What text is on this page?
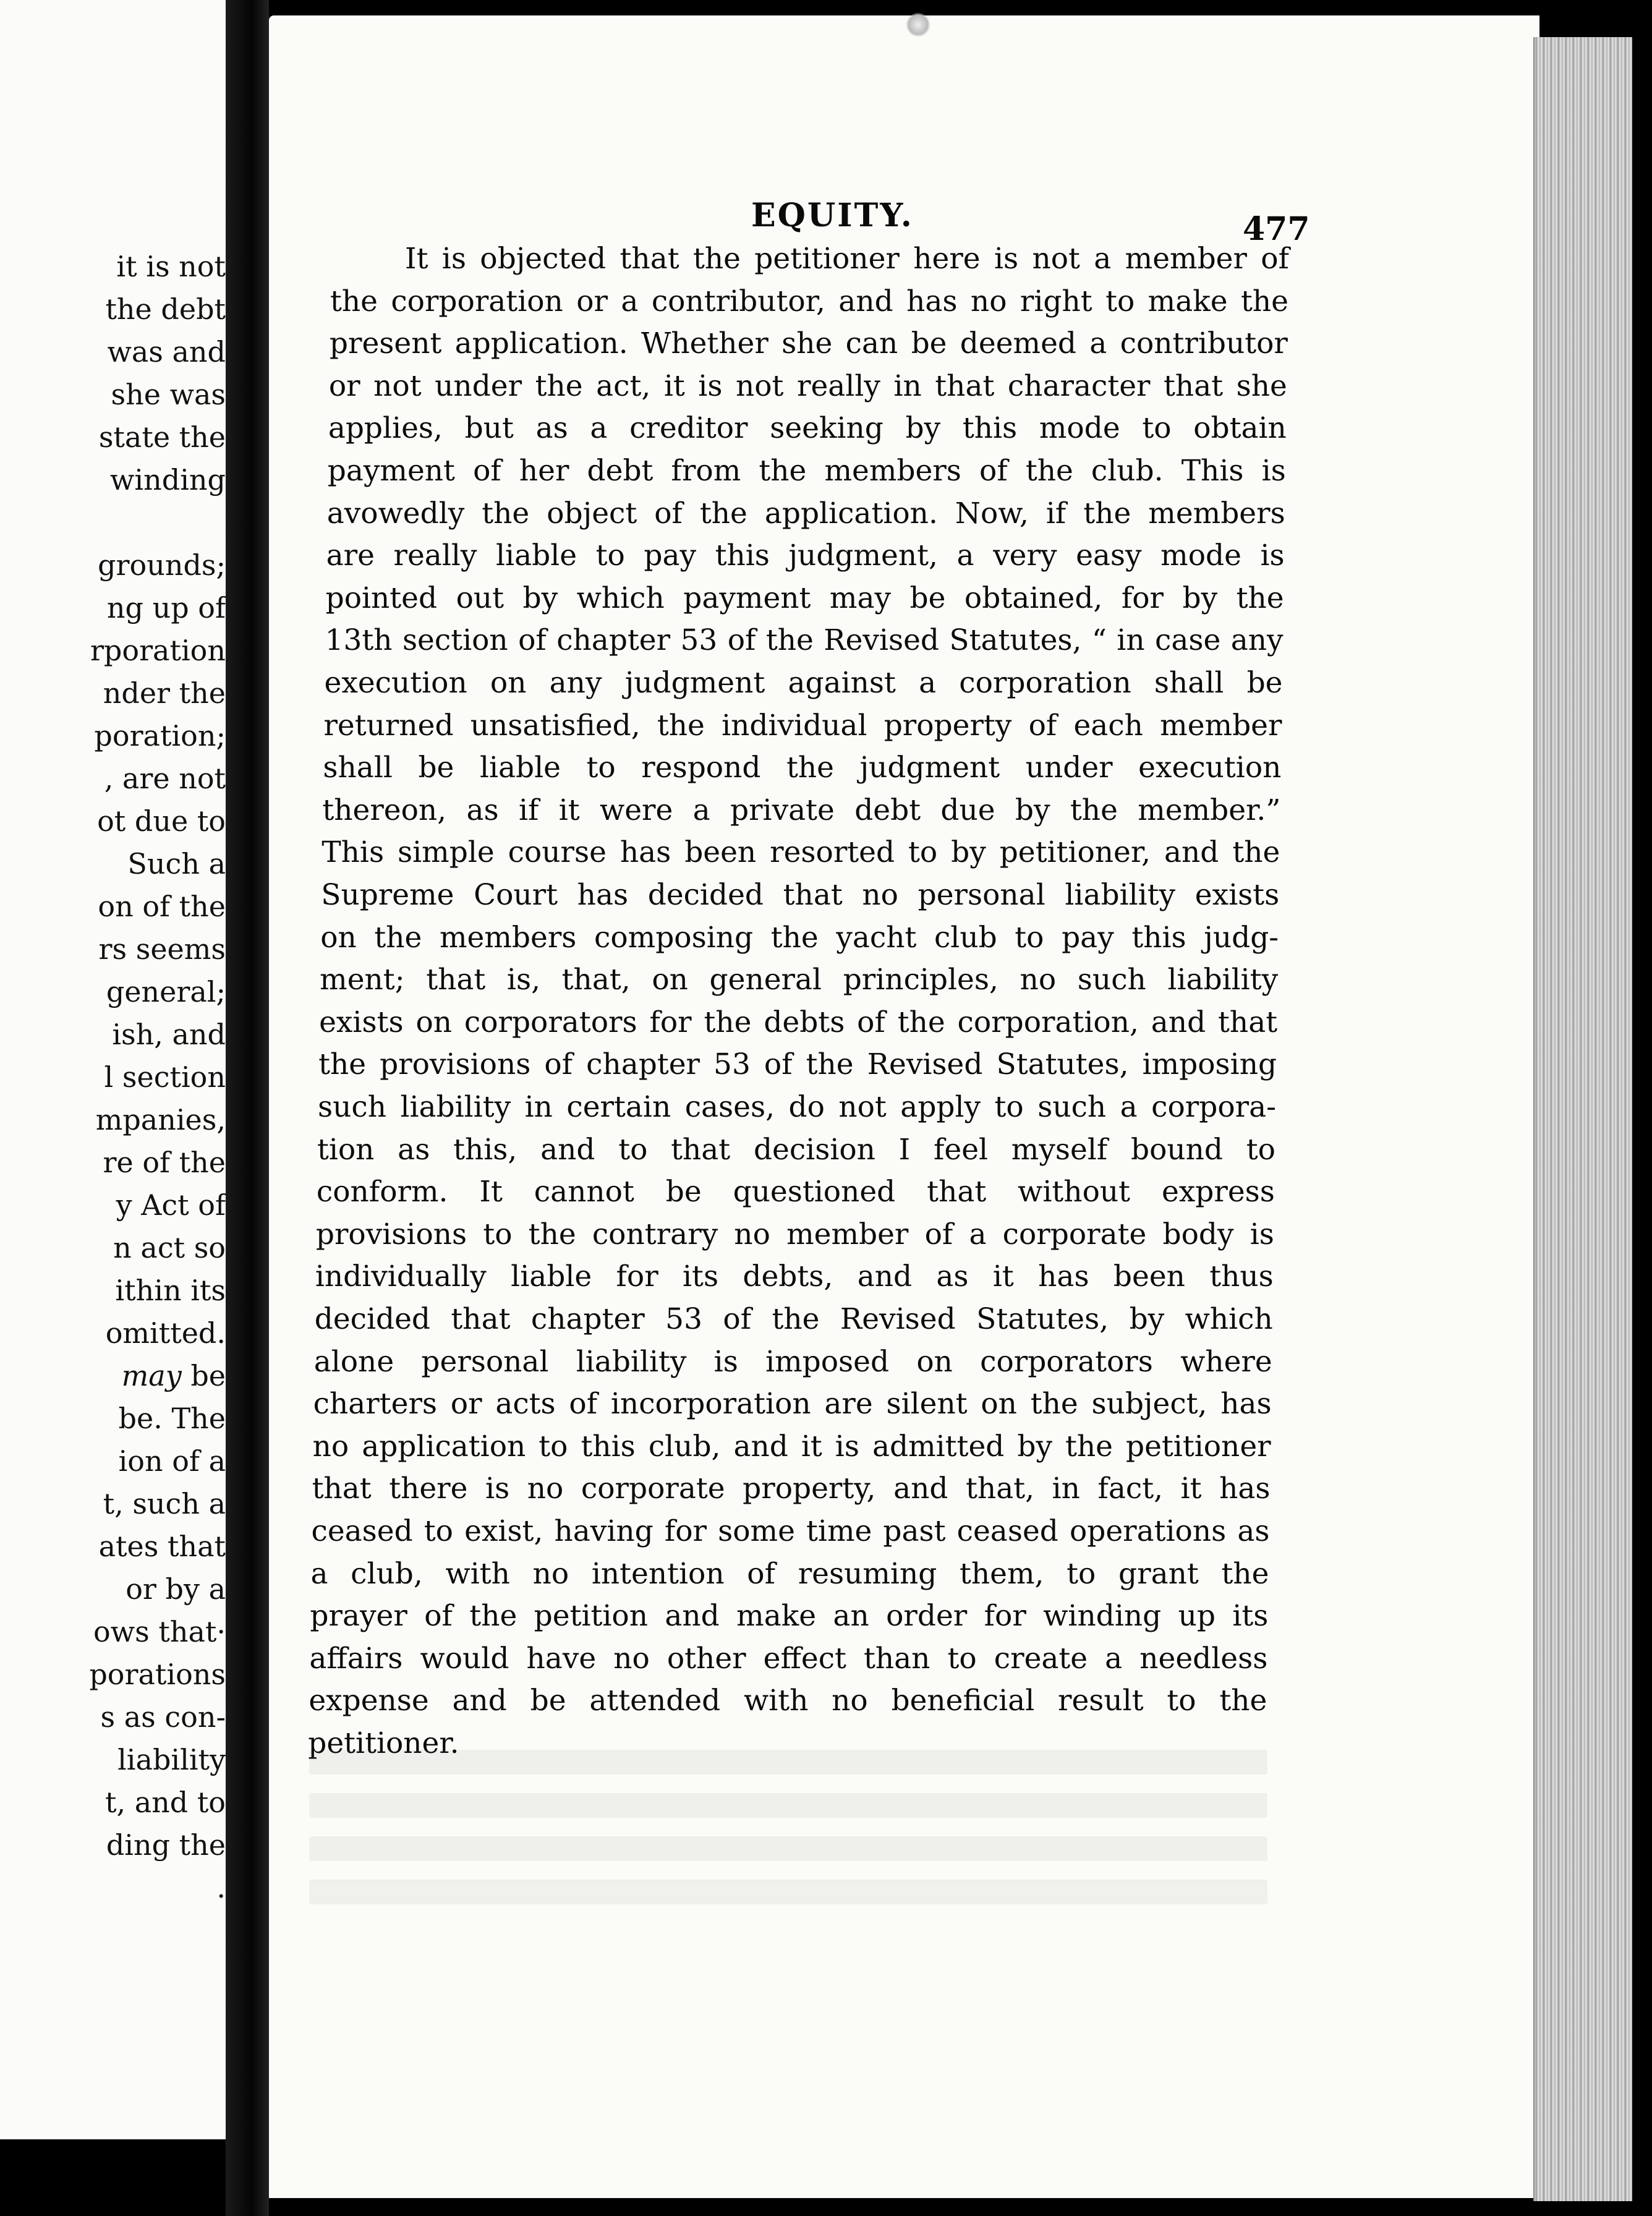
it is not
the debt
was and
she was
state the
winding
grounds;
ng up of
rporation
nder the
poration;
, are not
ot due to
Such a
on of the
rs seems
general;
ish, and
l section
mpanies,
re of the
y Act of
n act so
ithin its
omitted.
may be
be. The
ion of a
t, such a
ates that
or by a
ows that·
porations
s as con-
liability
t, and to
ding the
.
EQUITY.	477
It is objected that the petitioner here is not a member of
the corporation or a contributor, and has no right to make the
present application. Whether she can be deemed a contributor
or not under the act, it is not really in that character that she
applies, but as a creditor seeking by this mode to obtain
payment of her debt from the members of the club. This is
avowedly the object of the application. Now, if the members
are really liable to pay this judgment, a very easy mode is
pointed out by which payment may be obtained, for by the
13th section of chapter 53 of the Revised Statutes, “ in case any
execution on any judgment against a corporation shall be
returned unsatisfied, the individual property of each member
shall be liable to respond the judgment under execution
thereon, as if it were a private debt due by the member.”
This simple course has been resorted to by petitioner, and the
Supreme Court has decided that no personal liability exists
on the members composing the yacht club to pay this judg-
ment; that is, that, on general principles, no such liability
exists on corporators for the debts of the corporation, and that
the provisions of chapter 53 of the Revised Statutes, imposing
such liability in certain cases, do not apply to such a corpora-
tion as this, and to that decision I feel myself bound to
conform. It cannot be questioned that without express
provisions to the contrary no member of a corporate body is
individually liable for its debts, and as it has been thus
decided that chapter 53 of the Revised Statutes, by which
alone personal liability is imposed on corporators where
charters or acts of incorporation are silent on the subject, has
no application to this club, and it is admitted by the petitioner
that there is no corporate property, and that, in fact, it has
ceased to exist, having for some time past ceased operations as
a club, with no intention of resuming them, to grant the
prayer of the petition and make an order for winding up its
affairs would have no other effect than to create a needless
expense and be attended with no beneficial result to the
petitioner.
